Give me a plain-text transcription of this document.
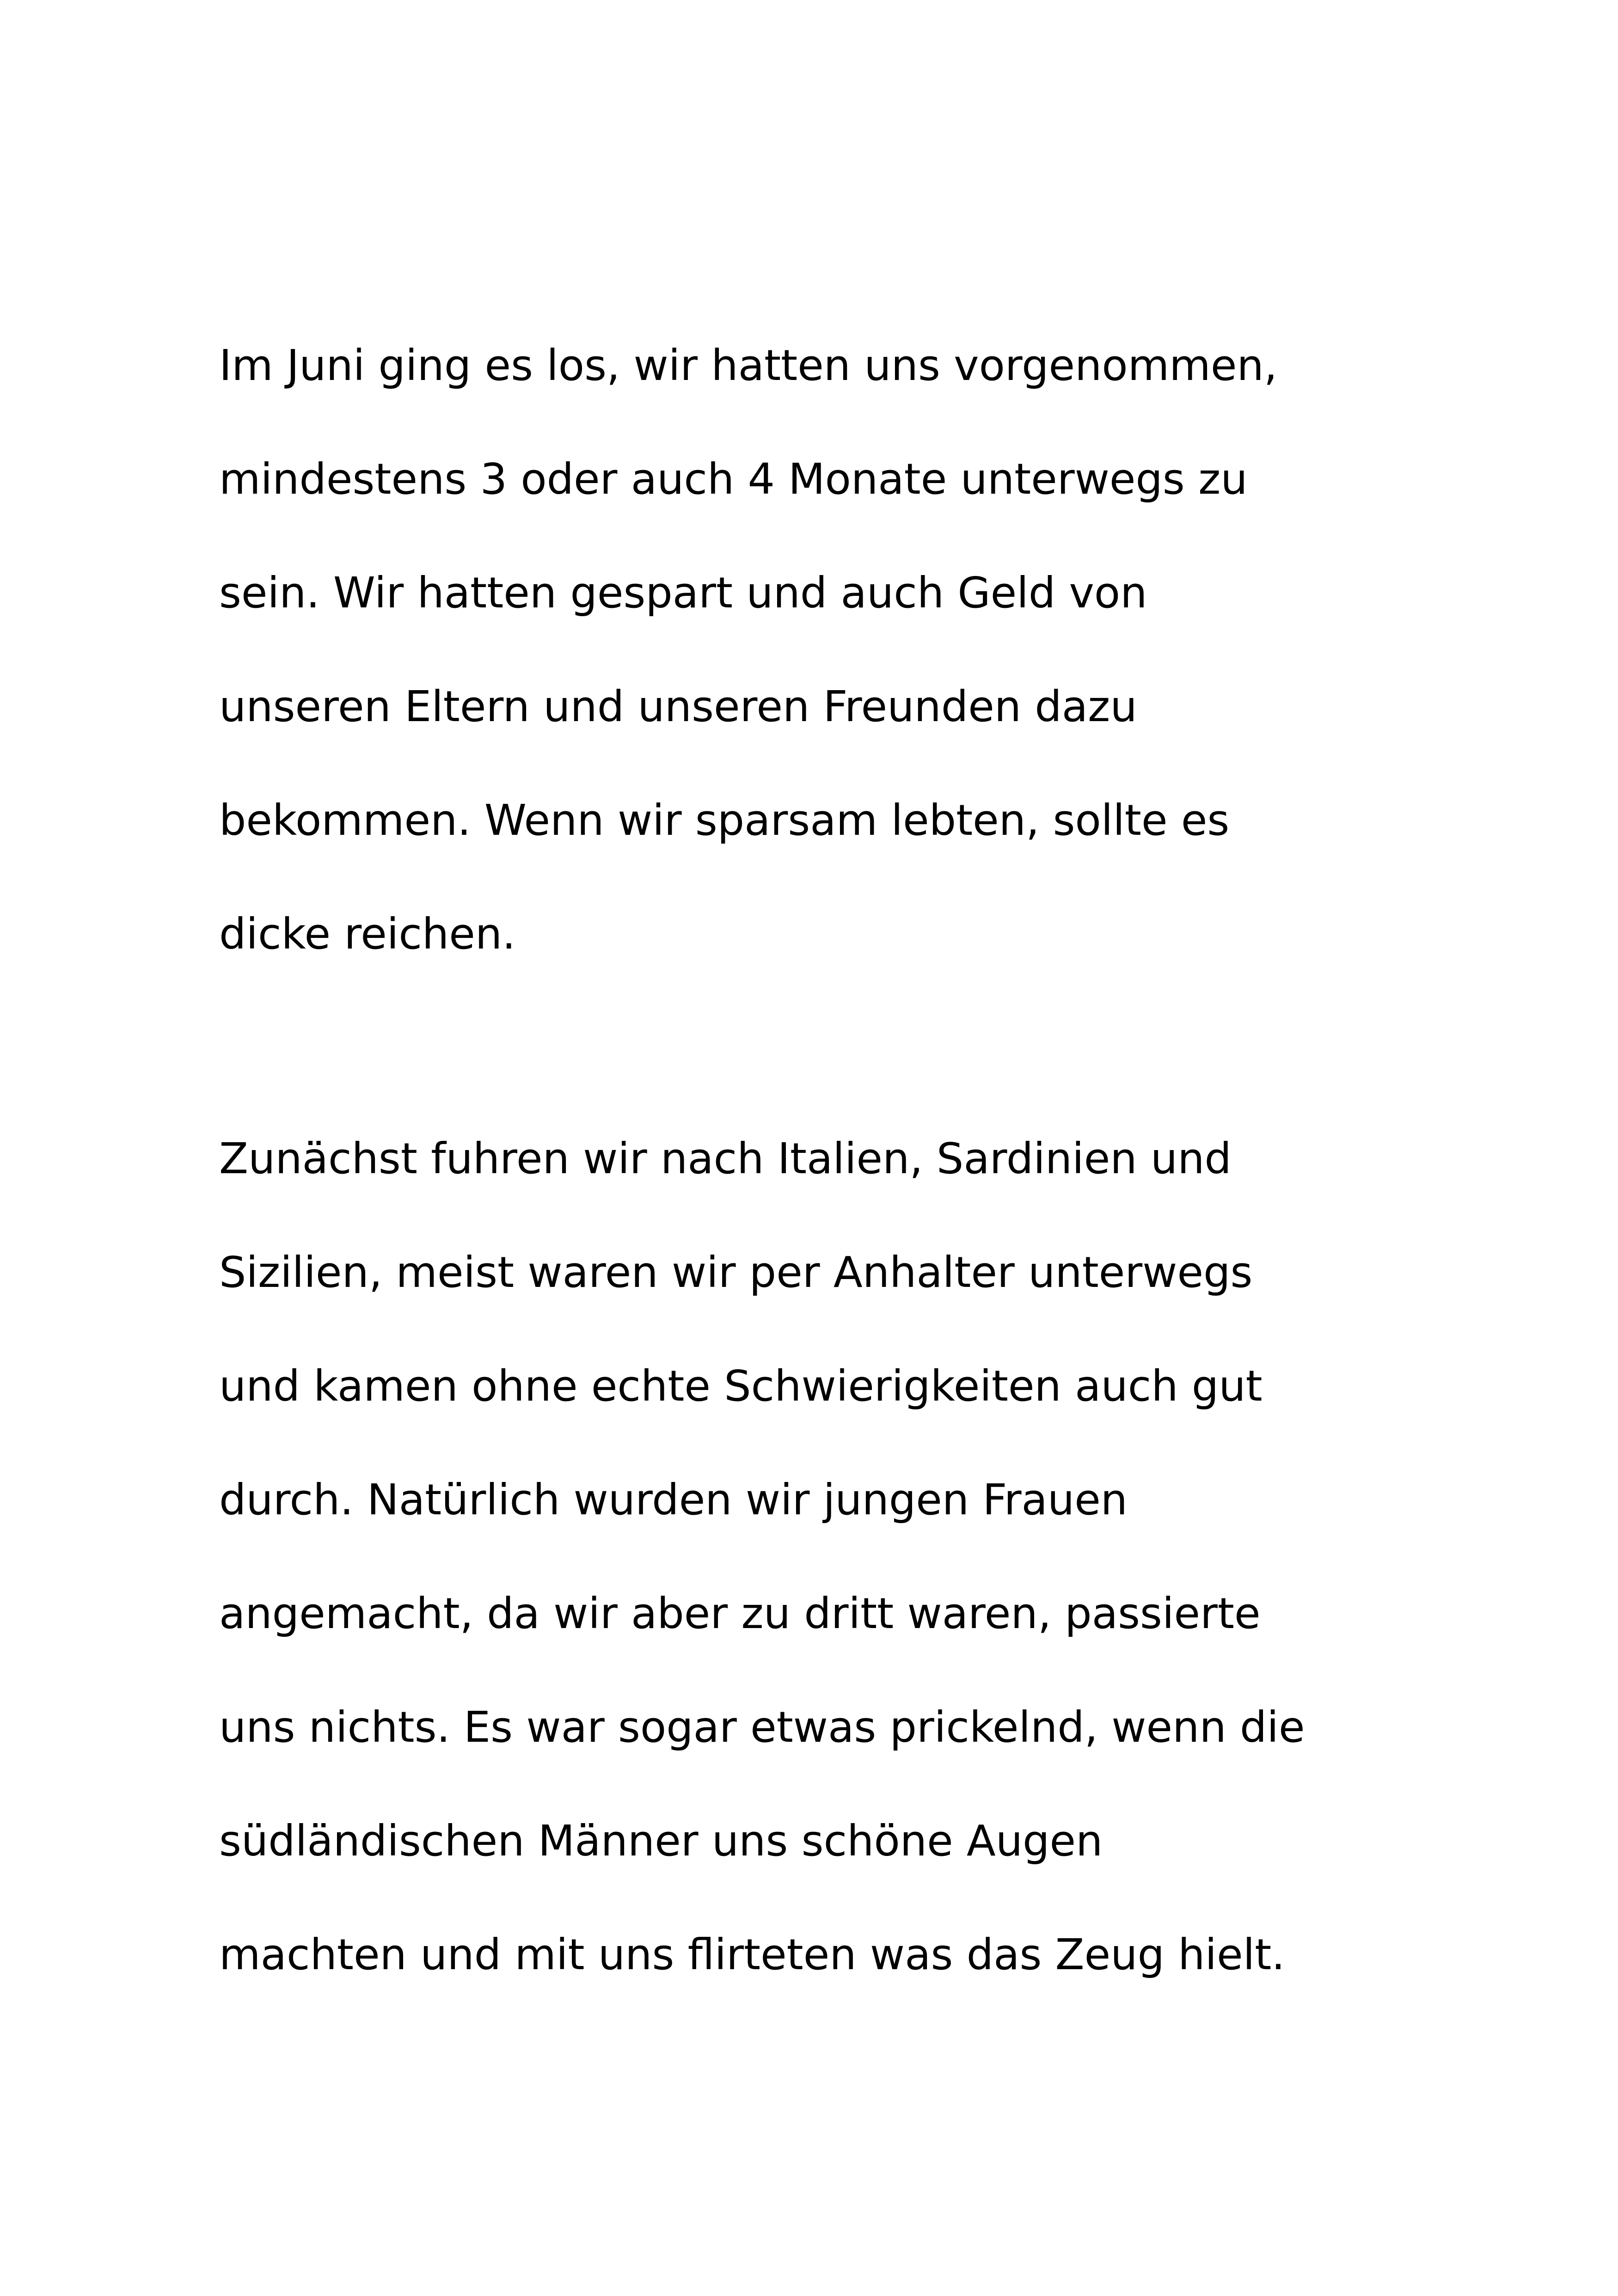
Im Juni ging es los, wir hatten uns vorgenommen,
mindestens 3 oder auch 4 Monate unterwegs zu
sein. Wir hatten gespart und auch Geld von
unseren Eltern und unseren Freunden dazu
bekommen. Wenn wir sparsam lebten, sollte es
dicke reichen.
Zunächst fuhren wir nach Italien, Sardinien und
Sizilien, meist waren wir per Anhalter unterwegs
und kamen ohne echte Schwierigkeiten auch gut
durch. Natürlich wurden wir jungen Frauen
angemacht, da wir aber zu dritt waren, passierte
uns nichts. Es war sogar etwas prickelnd, wenn die
südländischen Männer uns schöne Augen
machten und mit uns flirteten was das Zeug hielt.
